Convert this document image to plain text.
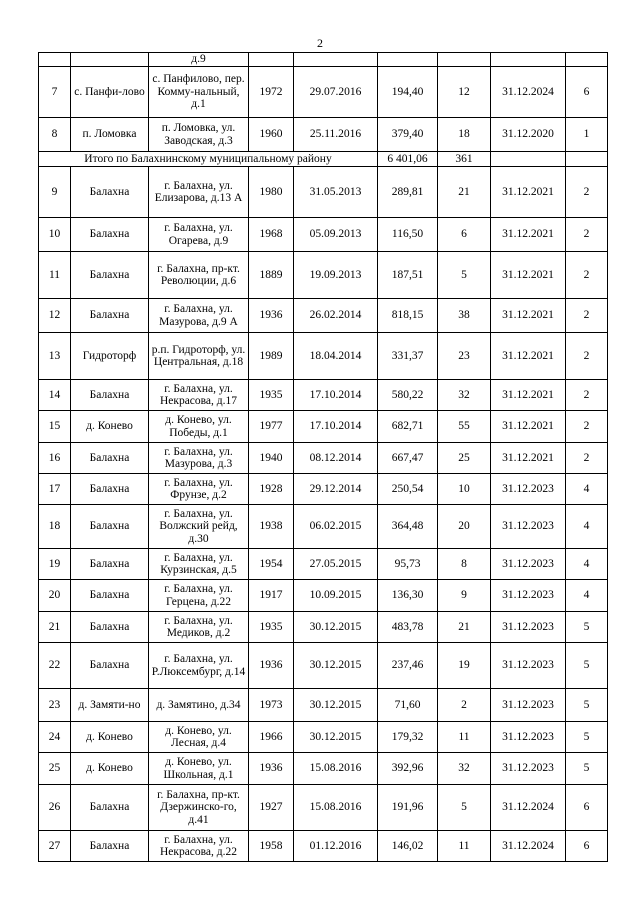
2
		д.9						
7	с. Панфи-лово	с. Панфилово, пер. Комму-нальный, д.1	1972	29.07.2016	194,40	12	31.12.2024	6
8	п. Ломовка	п. Ломовка, ул. Заводская, д.3	1960	25.11.2016	379,40	18	31.12.2020	1
Итого по Балахнинскому муниципальному району					6 401,06	361		
9	Балахна	г. Балахна, ул. Елизарова, д.13 А	1980	31.05.2013	289,81	21	31.12.2021	2
10	Балахна	г. Балахна, ул. Огарева, д.9	1968	05.09.2013	116,50	6	31.12.2021	2
11	Балахна	г. Балахна, пр-кт. Революции, д.6	1889	19.09.2013	187,51	5	31.12.2021	2
12	Балахна	г. Балахна, ул. Мазурова, д.9 А	1936	26.02.2014	818,15	38	31.12.2021	2
13	Гидроторф	р.п. Гидроторф, ул. Центральная, д.18	1989	18.04.2014	331,37	23	31.12.2021	2
14	Балахна	г. Балахна, ул. Некрасова, д.17	1935	17.10.2014	580,22	32	31.12.2021	2
15	д. Конево	д. Конево, ул. Победы, д.1	1977	17.10.2014	682,71	55	31.12.2021	2
16	Балахна	г. Балахна, ул. Мазурова, д.3	1940	08.12.2014	667,47	25	31.12.2021	2
17	Балахна	г. Балахна, ул. Фрунзе, д.2	1928	29.12.2014	250,54	10	31.12.2023	4
18	Балахна	г. Балахна, ул. Волжский рейд, д.30	1938	06.02.2015	364,48	20	31.12.2023	4
19	Балахна	г. Балахна, ул. Курзинская, д.5	1954	27.05.2015	95,73	8	31.12.2023	4
20	Балахна	г. Балахна, ул. Герцена, д.22	1917	10.09.2015	136,30	9	31.12.2023	4
21	Балахна	г. Балахна, ул. Медиков, д.2	1935	30.12.2015	483,78	21	31.12.2023	5
22	Балахна	г. Балахна, ул. Р.Люксембург, д.14	1936	30.12.2015	237,46	19	31.12.2023	5
23	д. Замяти-но	д. Замятино, д.34	1973	30.12.2015	71,60	2	31.12.2023	5
24	д. Конево	д. Конево, ул. Лесная, д.4	1966	30.12.2015	179,32	11	31.12.2023	5
25	д. Конево	д. Конево, ул. Школьная, д.1	1936	15.08.2016	392,96	32	31.12.2023	5
26	Балахна	г. Балахна, пр-кт. Дзержинско-го, д.41	1927	15.08.2016	191,96	5	31.12.2024	6
27	Балахна	г. Балахна, ул. Некрасова, д.22	1958	01.12.2016	146,02	11	31.12.2024	6
